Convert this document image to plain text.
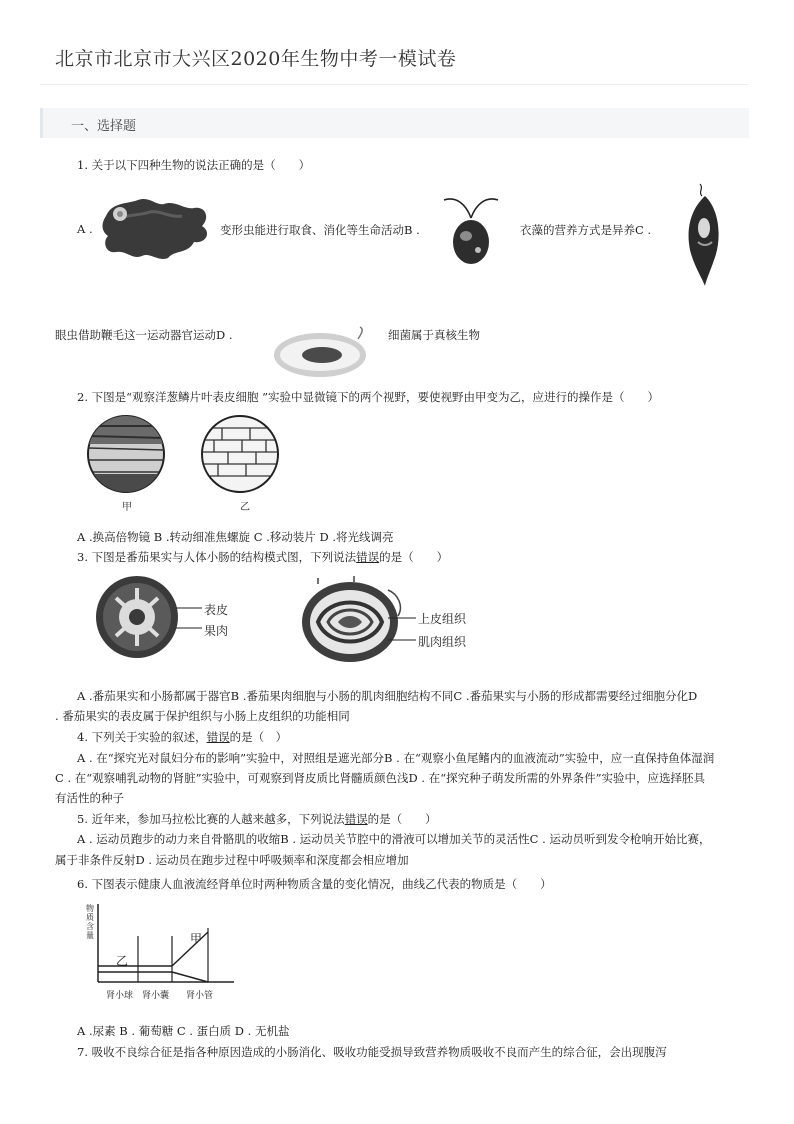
北京市北京市大兴区2020年生物中考一模试卷
一、选择题
1. 关于以下四种生物的说法正确的是（　　）
A .	变形虫能进行取食、消化等生命活动B .	衣藻的营养方式是异养C .
眼虫借助鞭毛这一运动器官运动D .	细菌属于真核生物
2. 下图是“观察洋葱鳞片叶表皮细胞 ”实验中显微镜下的两个视野，要使视野由甲变为乙，应进行的操作是（　　）
甲	乙
A .换高倍物镜 B .转动细准焦螺旋 C .移动装片 D .将光线调亮
3. 下图是番茄果实与人体小肠的结构模式图，下列说法错误的是（　　）
表皮
果肉
上皮组织
肌肉组织
A .番茄果实和小肠都属于器官B .番茄果肉细胞与小肠的肌肉细胞结构不同C .番茄果实与小肠的形成都需要经过细胞分化D
. 番茄果实的表皮属于保护组织与小肠上皮组织的功能相同
4. 下列关于实验的叙述，错误的是（　）
A . 在“探究光对鼠妇分布的影响”实验中，对照组是遮光部分B . 在“观察小鱼尾鳍内的血液流动”实验中，应一直保持鱼体湿润
C . 在“观察哺乳动物的肾脏”实验中，可观察到肾皮质比肾髓质颜色浅D . 在“探究种子萌发所需的外界条件”实验中，应选择胚具
有活性的种子
5. 近年来，参加马拉松比赛的人越来越多，下列说法错误的是（　　）
A . 运动员跑步的动力来自骨骼肌的收缩B . 运动员关节腔中的滑液可以增加关节的灵活性C . 运动员听到发令枪响开始比赛，
属于非条件反射D . 运动员在跑步过程中呼吸频率和深度都会相应增加
6. 下图表示健康人血液流经肾单位时两种物质含量的变化情况，曲线乙代表的物质是（　　）
物质含量	甲
乙
肾小球 肾小囊 肾小管
A .尿素 B . 葡萄糖 C . 蛋白质 D . 无机盐
7. 吸收不良综合征是指各种原因造成的小肠消化、吸收功能受损导致营养物质吸收不良而产生的综合征，会出现腹泻
